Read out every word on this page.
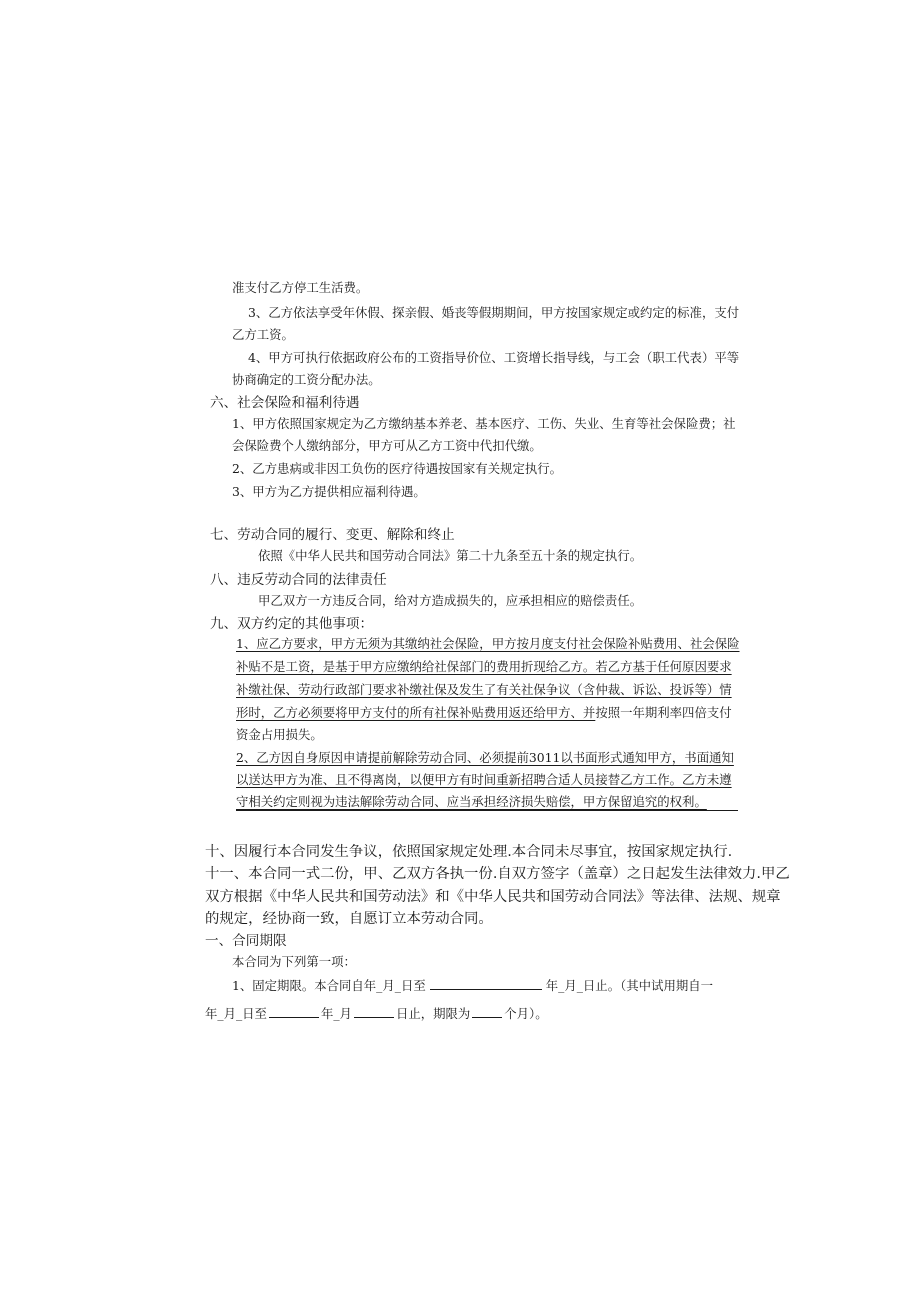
准支付乙方停工生活费。
3、乙方依法享受年休假、探亲假、婚丧等假期期间，甲方按国家规定或约定的标准，支付
乙方工资。
4、甲方可执行依据政府公布的工资指导价位、工资增长指导线，与工会（职工代表）平等
协商确定的工资分配办法。
六、社会保险和福利待遇
1、甲方依照国家规定为乙方缴纳基本养老、基本医疗、工伤、失业、生育等社会保险费；社
会保险费个人缴纳部分，甲方可从乙方工资中代扣代缴。
2、乙方患病或非因工负伤的医疗待遇按国家有关规定执行。
3、甲方为乙方提供相应福利待遇。
七、劳动合同的履行、变更、解除和终止
依照《中华人民共和国劳动合同法》第二十九条至五十条的规定执行。
八、违反劳动合同的法律责任
甲乙双方一方违反合同，给对方造成损失的，应承担相应的赔偿责任。
九、双方约定的其他事项：
1、应乙方要求，甲方无须为其缴纳社会保险，甲方按月度支付社会保险补贴费用、社会保险
补贴不是工资，是基于甲方应缴纳给社保部门的费用折现给乙方。若乙方基于任何原因要求
补缴社保、劳动行政部门要求补缴社保及发生了有关社保争议（含仲裁、诉讼、投诉等）情
形时，乙方必须要将甲方支付的所有社保补贴费用返还给甲方、并按照一年期利率四倍支付
资金占用损失。
2、乙方因自身原因申请提前解除劳动合同、必须提前3011以书面形式通知甲方，书面通知
以送达甲方为准、且不得离岗，以便甲方有时间重新招聘合适人员接替乙方工作。乙方未遵
守相关约定则视为违法解除劳动合同、应当承担经济损失赔偿，甲方保留追究的权利。
十、因履行本合同发生争议，依照国家规定处理.本合同未尽事宜，按国家规定执行.
十一、本合同一式二份，甲、乙双方各执一份.自双方签字（盖章）之日起发生法律效力.甲乙
双方根据《中华人民共和国劳动法》和《中华人民共和国劳动合同法》等法律、法规、规章
的规定，经协商一致，自愿订立本劳动合同。
一、合同期限
本合同为下列第一项：
1、固定期限。本合同自年_月_日至	年_月_日止。（其中试用期自一
年_月_日至	年_月	日止，期限为	个月）。
